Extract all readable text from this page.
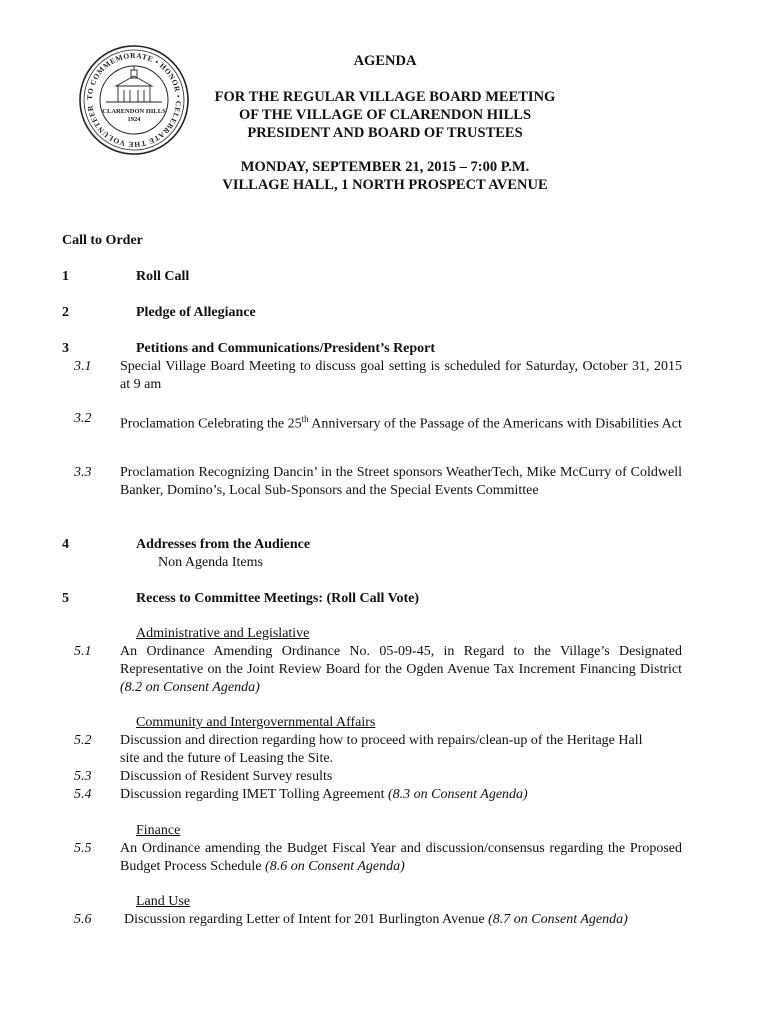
TO COMMEMORATE • HONOR • CELEBRATE THE VOLUNTEER	CLARENDON HILLS
1924
AGENDA
FOR THE REGULAR VILLAGE BOARD MEETING
OF THE VILLAGE OF CLARENDON HILLS
PRESIDENT AND BOARD OF TRUSTEES
MONDAY, SEPTEMBER 21, 2015 – 7:00 P.M.
VILLAGE HALL, 1 NORTH PROSPECT AVENUE
Call to Order
1	Roll Call
2	Pledge of Allegiance
3	Petitions and Communications/President’s Report
3.1 Special Village Board Meeting to discuss goal setting is scheduled for Saturday, October 31, 2015 at 9 am
3.2 Proclamation Celebrating the 25th Anniversary of the Passage of the Americans with Disabilities Act
3.3 Proclamation Recognizing Dancin’ in the Street sponsors WeatherTech, Mike McCurry of Coldwell Banker, Domino’s, Local Sub-Sponsors and the Special Events Committee
4	Addresses from the Audience
Non Agenda Items
5	Recess to Committee Meetings: (Roll Call Vote)
Administrative and Legislative
5.1 An Ordinance Amending Ordinance No. 05-09-45, in Regard to the Village’s Designated Representative on the Joint Review Board for the Ogden Avenue Tax Increment Financing District (8.2 on Consent Agenda)
Community and Intergovernmental Affairs
5.2 Discussion and direction regarding how to proceed with repairs/clean-up of the Heritage Hall site and the future of Leasing the Site.
5.3 Discussion of Resident Survey results
5.4 Discussion regarding IMET Tolling Agreement (8.3 on Consent Agenda)
Finance
5.5 An Ordinance amending the Budget Fiscal Year and discussion/consensus regarding the Proposed Budget Process Schedule (8.6 on Consent Agenda)
Land Use
5.6 Discussion regarding Letter of Intent for 201 Burlington Avenue (8.7 on Consent Agenda)
